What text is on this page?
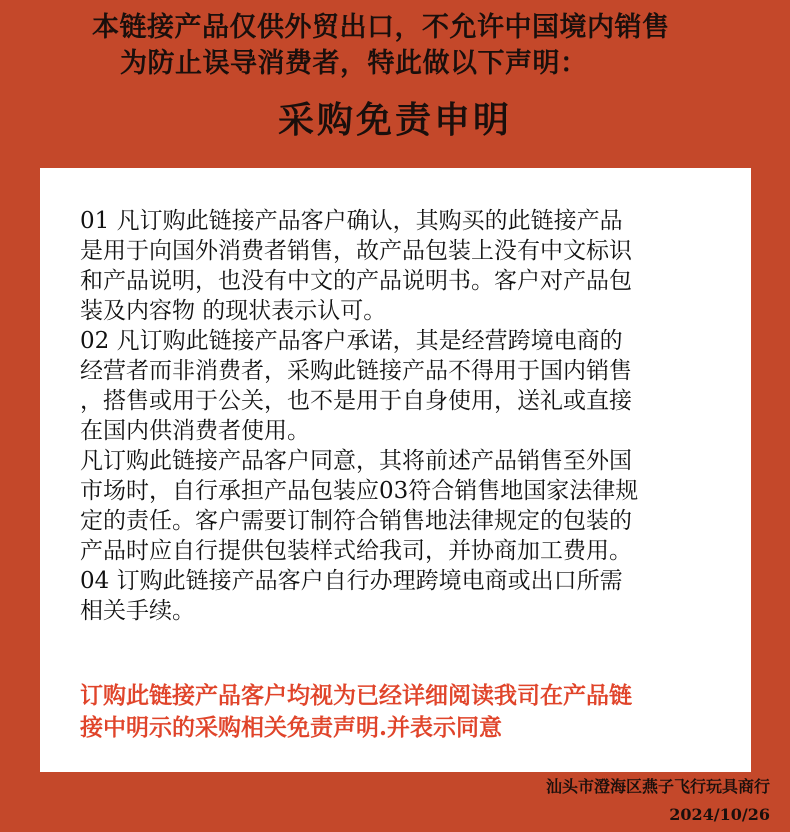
本链接产品仅供外贸出口，不允许中国境内销售
为防止误导消费者，特此做以下声明：
采购免责申明

01 凡订购此链接产品客户确认，其购买的此链接产品
是用于向国外消费者销售，故产品包装上没有中文标识
和产品说明，也没有中文的产品说明书。客户对产品包
装及内容物 的现状表示认可。

02 凡订购此链接产品客户承诺，其是经营跨境电商的
经营者而非消费者，采购此链接产品不得用于国内销售
，搭售或用于公关，也不是用于自身使用，送礼或直接
在国内供消费者使用。

凡订购此链接产品客户同意，其将前述产品销售至外国
市场时，自行承担产品包装应03符合销售地国家法律规
定的责任。客户需要订制符合销售地法律规定的包装的
产品时应自行提供包装样式给我司，并协商加工费用。

04 订购此链接产品客户自行办理跨境电商或出口所需
相关手续。

订购此链接产品客户均视为已经详细阅读我司在产品链
接中明示的采购相关免责声明.并表示同意

汕头市澄海区燕子飞行玩具商行
2024/10/26
